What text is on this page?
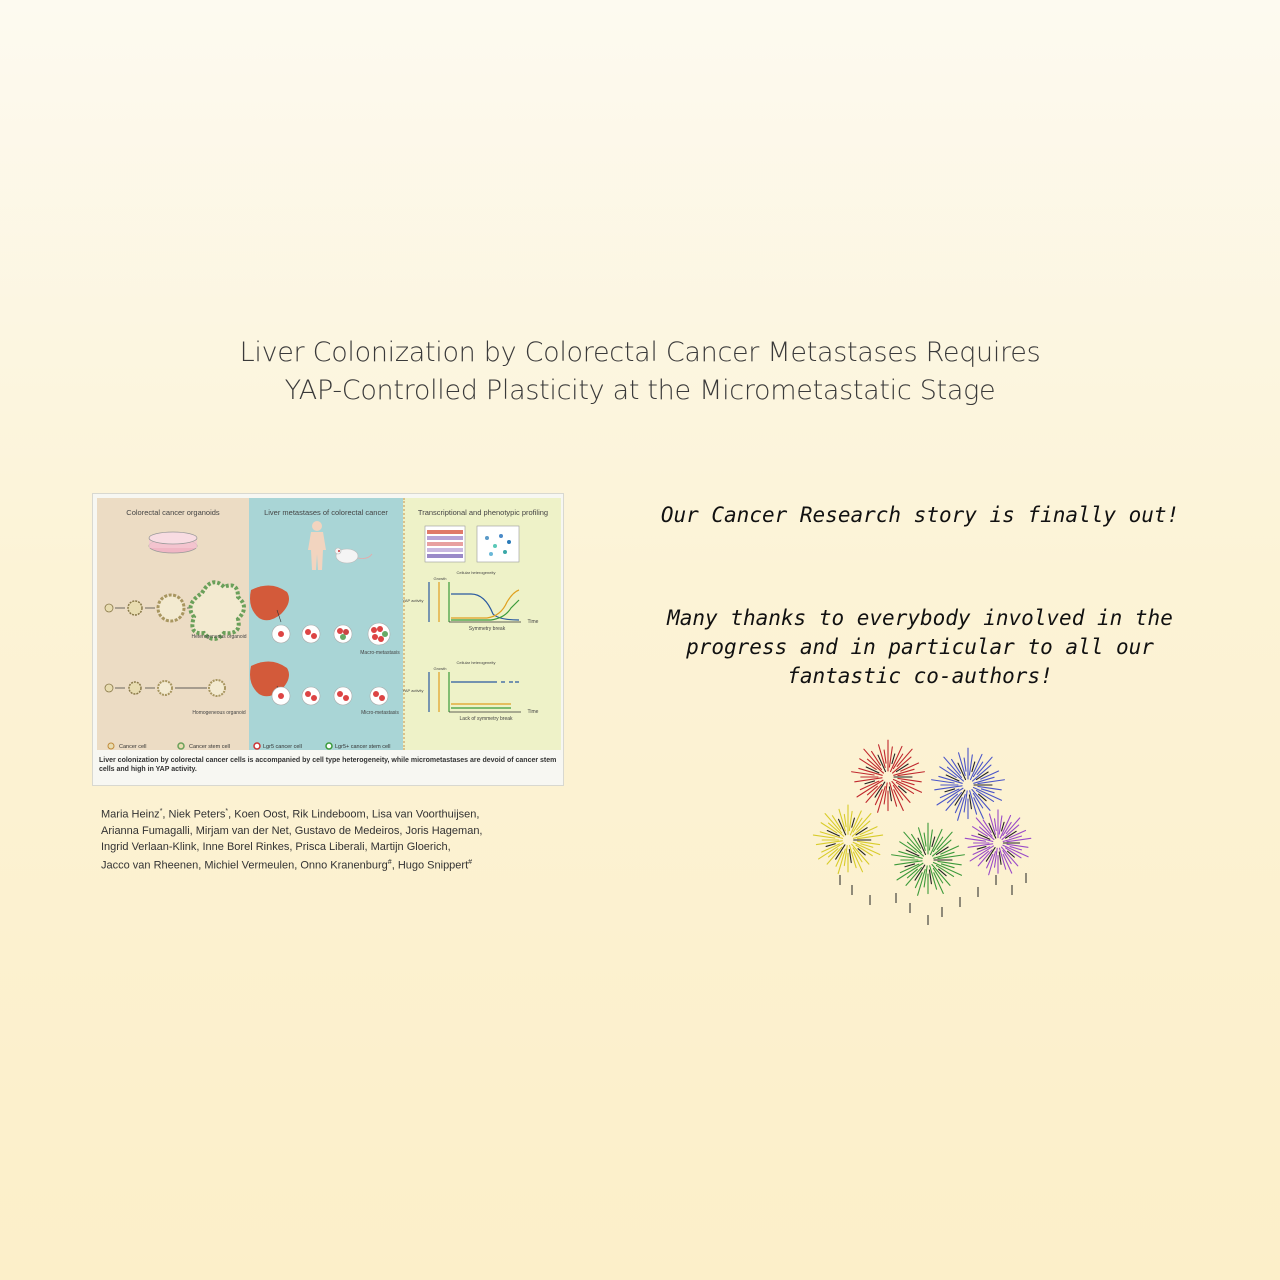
Liver Colonization by Colorectal Cancer Metastases Requires
YAP-Controlled Plasticity at the Micrometastatic Stage
Colorectal cancer organoids
Heterogeneous organoid
Homogeneous organoid
Cancer cell	Cancer stem cell
Liver metastases of colorectal cancer
Macro-metastasis
Micro-metastasis
Lgr5 cancer cell	Lgr5+ cancer stem cell
Transcriptional and phenotypic profiling
Time
Symmetry break
Time
Lack of symmetry break
YAP activity
YAP activity
Growth
Growth
Cellular heterogeneity
Cellular heterogeneity
Liver colonization by colorectal cancer cells is accompanied by cell type heterogeneity, while micrometastases are devoid of cancer stem cells and high in YAP activity.
Maria Heinz*, Niek Peters*, Koen Oost, Rik Lindeboom, Lisa van Voorthuijsen,
Arianna Fumagalli, Mirjam van der Net, Gustavo de Medeiros, Joris Hageman,
Ingrid Verlaan-Klink, Inne Borel Rinkes, Prisca Liberali, Martijn Gloerich,
Jacco van Rheenen, Michiel Vermeulen, Onno Kranenburg#, Hugo Snippert#
Our Cancer Research story is finally out!
Many thanks to everybody involved in the
progress and in particular to all our
fantastic co-authors!
